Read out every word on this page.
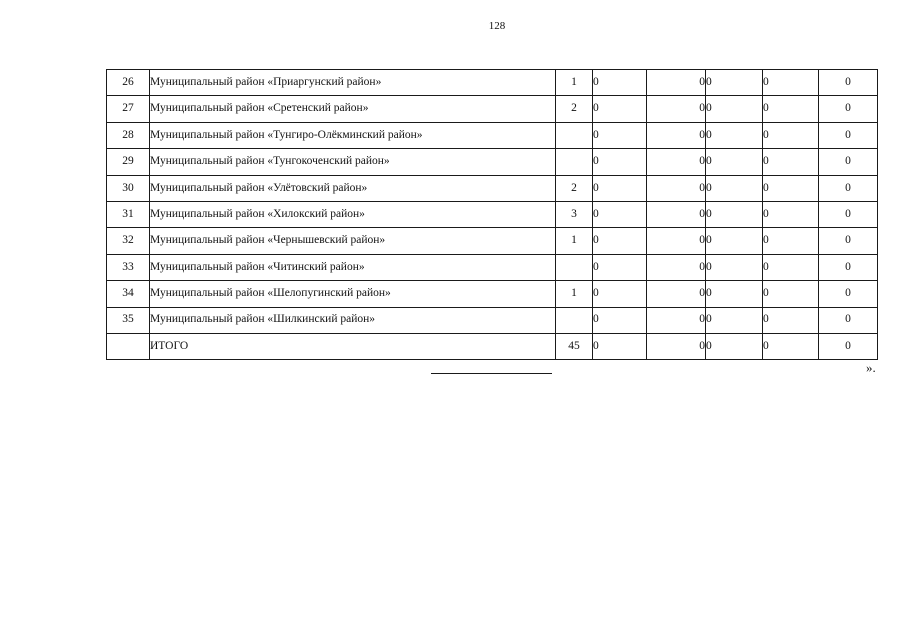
128
26	Муниципальный район «Приаргунский район»	1	0	0	0	0	0
27	Муниципальный район «Сретенский район»	2	0	0	0	0	0
28	Муниципальный район «Тунгиро-Олёкминский район»		0	0	0	0	0
29	Муниципальный район «Тунгокоченский район»		0	0	0	0	0
30	Муниципальный район «Улётовский район»	2	0	0	0	0	0
31	Муниципальный район «Хилокский район»	3	0	0	0	0	0
32	Муниципальный район «Чернышевский район»	1	0	0	0	0	0
33	Муниципальный район «Читинский район»		0	0	0	0	0
34	Муниципальный район «Шелопугинский район»	1	0	0	0	0	0
35	Муниципальный район «Шилкинский район»		0	0	0	0	0
	ИТОГО	45	0	0	0	0	0
».
